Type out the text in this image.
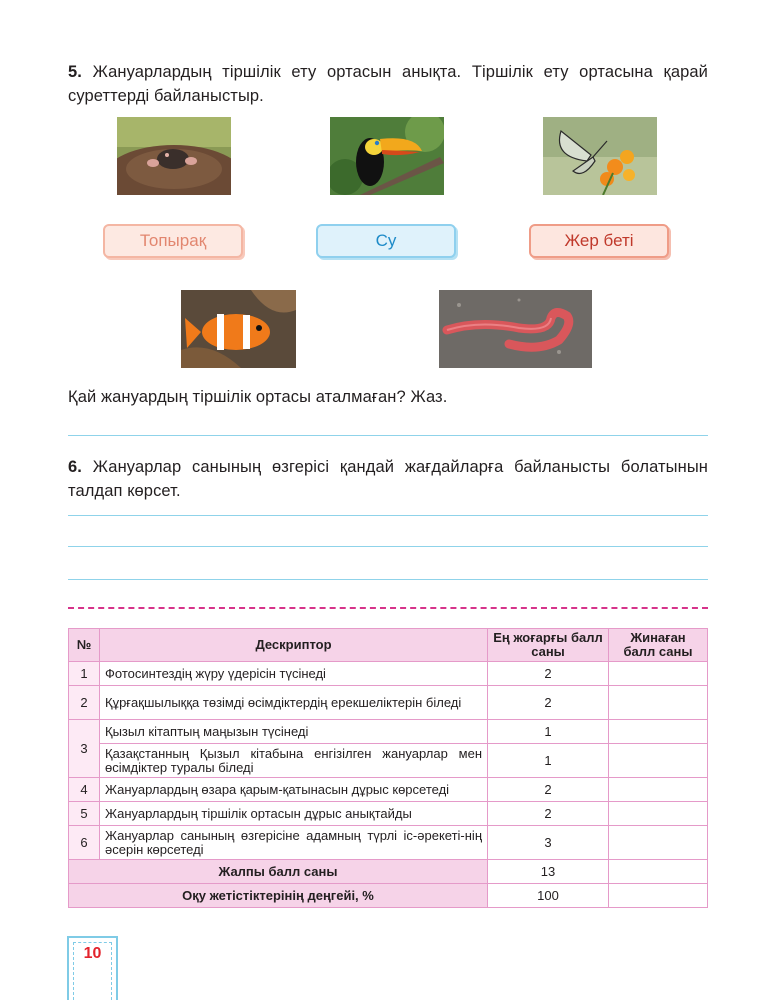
5. Жануарлардың тіршілік ету ортасын анықта. Тіршілік ету ортасына қарай суреттерді байланыстыр.
Топырақ	Су	Жер беті
Қай жануардың тіршілік ортасы аталмаған? Жаз.
6. Жануарлар санының өзгерісі қандай жағдайларға байланысты болатынын талдап көрсет.
№	Дескриптор	Ең жоғарғы балл саны	Жинаған балл саны
1	Фотосинтездің жүру үдерісін түсінеді	2	
2	Құрғақшылыққа төзімді өсімдіктердің ерекшеліктерін біледі	2	
3	Қызыл кітаптың маңызын түсінеді	1	
	Қазақстанның Қызыл кітабына енгізілген жануарлар мен өсімдіктер туралы біледі	1	
4	Жануарлардың өзара қарым-қатынасын дұрыс көрсетеді	2	
5	Жануарлардың тіршілік ортасын дұрыс анықтайды	2	
6	Жануарлар санының өзгерісіне адамның түрлі іс-әрекеті-нің әсерін көрсетеді	3	
Жалпы балл саны		13	
Оқу жетістіктерінің деңгейі, %		100	
10
